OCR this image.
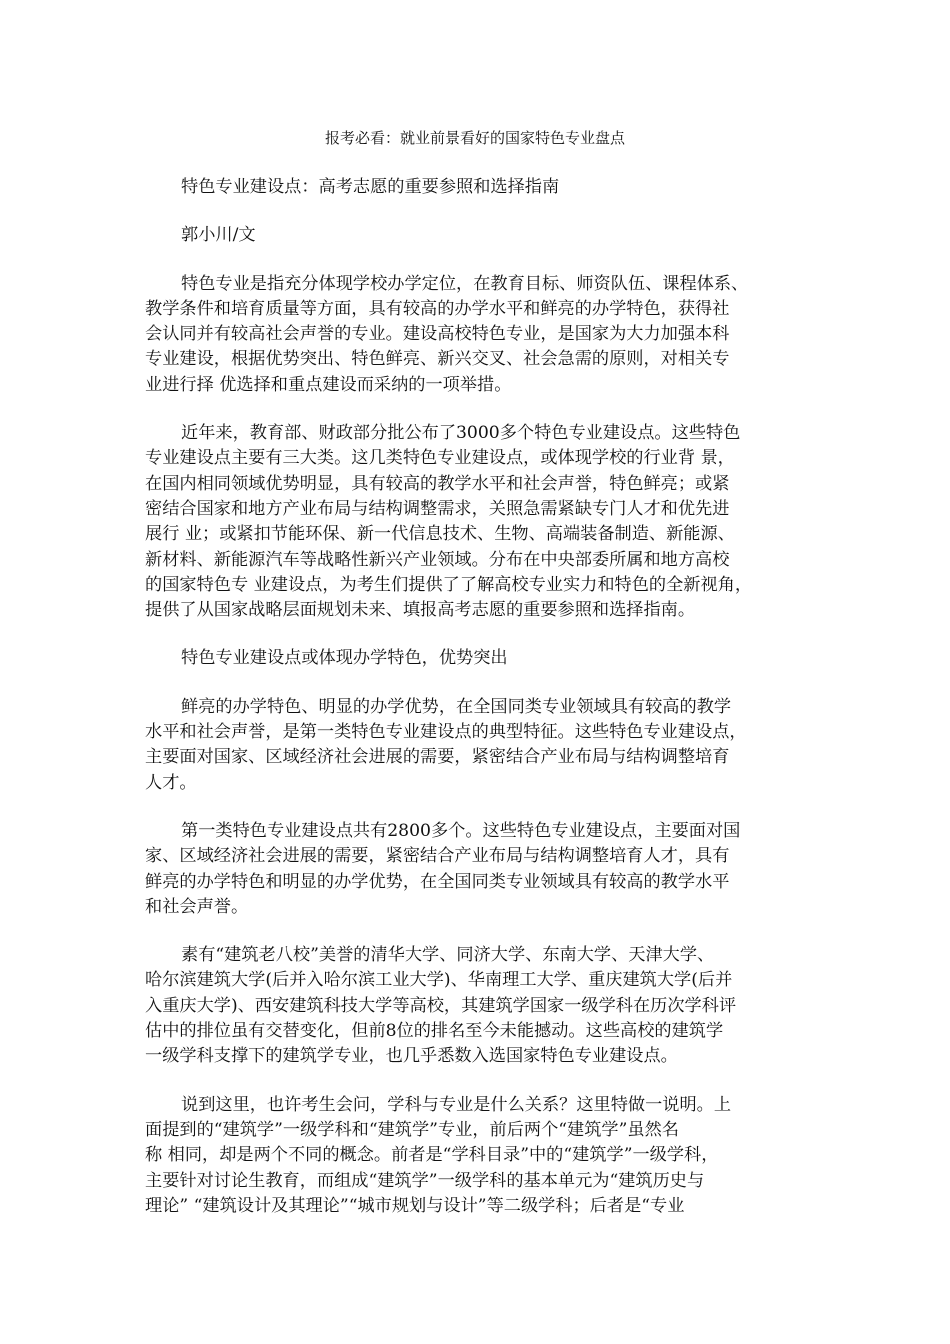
报考必看：就业前景看好的国家特色专业盘点

特色专业建设点：高考志愿的重要参照和选择指南

郭小川/文

特色专业是指充分体现学校办学定位，在教育目标、师资队伍、课程体系、
教学条件和培育质量等方面，具有较高的办学水平和鲜亮的办学特色，获得社
会认同并有较高社会声誉的专业。建设高校特色专业，是国家为大力加强本科
专业建设，根据优势突出、特色鲜亮、新兴交叉、社会急需的原则，对相关专
业进行择 优选择和重点建设而采纳的一项举措。

近年来，教育部、财政部分批公布了3000多个特色专业建设点。这些特色
专业建设点主要有三大类。这几类特色专业建设点，或体现学校的行业背 景，
在国内相同领域优势明显，具有较高的教学水平和社会声誉，特色鲜亮；或紧
密结合国家和地方产业布局与结构调整需求，关照急需紧缺专门人才和优先进
展行 业；或紧扣节能环保、新一代信息技术、生物、高端装备制造、新能源、
新材料、新能源汽车等战略性新兴产业领域。分布在中央部委所属和地方高校
的国家特色专 业建设点，为考生们提供了了解高校专业实力和特色的全新视角，
提供了从国家战略层面规划未来、填报高考志愿的重要参照和选择指南。

特色专业建设点或体现办学特色，优势突出

鲜亮的办学特色、明显的办学优势，在全国同类专业领域具有较高的教学
水平和社会声誉，是第一类特色专业建设点的典型特征。这些特色专业建设点，
主要面对国家、区域经济社会进展的需要，紧密结合产业布局与结构调整培育
人才。

第一类特色专业建设点共有2800多个。这些特色专业建设点，主要面对国
家、区域经济社会进展的需要，紧密结合产业布局与结构调整培育人才，具有
鲜亮的办学特色和明显的办学优势，在全国同类专业领域具有较高的教学水平
和社会声誉。

素有“建筑老八校”美誉的清华大学、同济大学、东南大学、天津大学、
哈尔滨建筑大学(后并入哈尔滨工业大学)、华南理工大学、重庆建筑大学(后并
入重庆大学)、西安建筑科技大学等高校，其建筑学国家一级学科在历次学科评
估中的排位虽有交替变化，但前8位的排名至今未能撼动。这些高校的建筑学
一级学科支撑下的建筑学专业，也几乎悉数入选国家特色专业建设点。

说到这里，也许考生会问，学科与专业是什么关系？这里特做一说明。上
面提到的“建筑学”一级学科和“建筑学”专业，前后两个“建筑学”虽然名
称 相同，却是两个不同的概念。前者是“学科目录”中的“建筑学”一级学科，
主要针对讨论生教育，而组成“建筑学”一级学科的基本单元为“建筑历史与
理论” “建筑设计及其理论”“城市规划与设计”等二级学科；后者是“专业
